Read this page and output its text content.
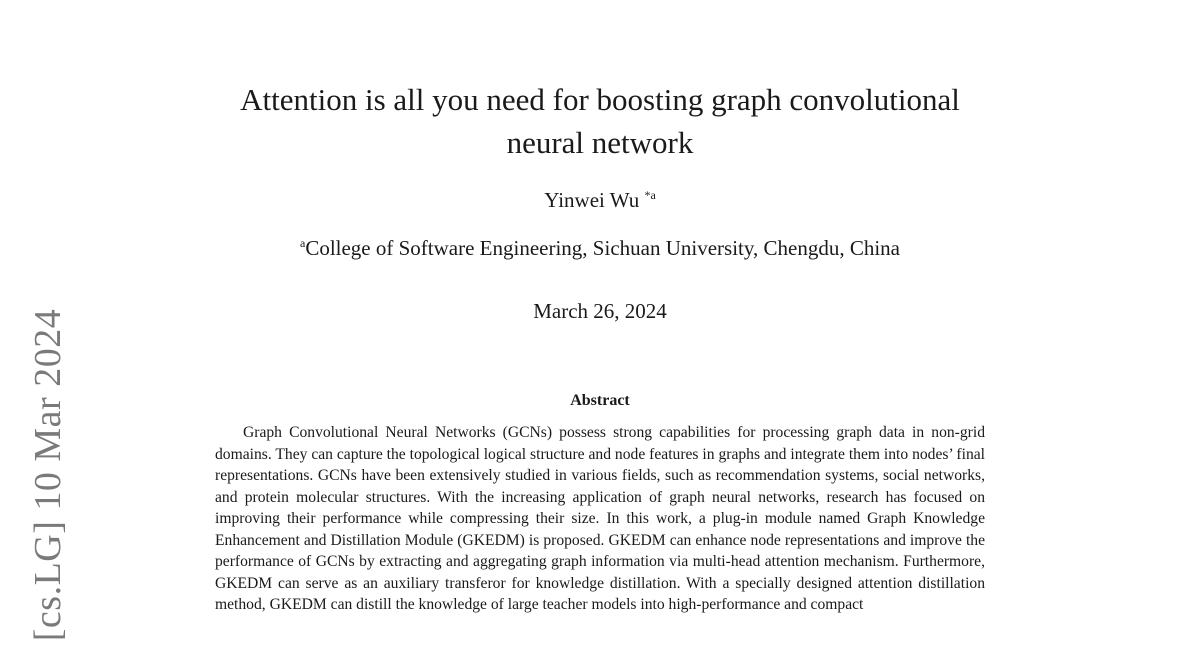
[cs.LG] 10 Mar 2024
Attention is all you need for boosting graph convolutional neural network
Yinwei Wu $^{*a}$
$^a$College of Software Engineering, Sichuan University, Chengdu, China
March 26, 2024
Abstract

Graph Convolutional Neural Networks (GCNs) possess strong capabilities for processing graph data in non-grid domains. They can capture the topological logical structure and node features in graphs and integrate them into nodes’ final representations. GCNs have been extensively studied in various fields, such as recommendation systems, social networks, and protein molecular structures. With the increasing application of graph neural networks, research has focused on improving their performance while compressing their size. In this work, a plug-in module named Graph Knowledge Enhancement and Distillation Module (GKEDM) is proposed. GKEDM can enhance node representations and improve the performance of GCNs by extracting and aggregating graph information via multi-head attention mechanism. Furthermore, GKEDM can serve as an auxiliary transferor for knowledge distillation. With a specially designed attention distillation method, GKEDM can distill the knowledge of large teacher models into high-performance and compact
